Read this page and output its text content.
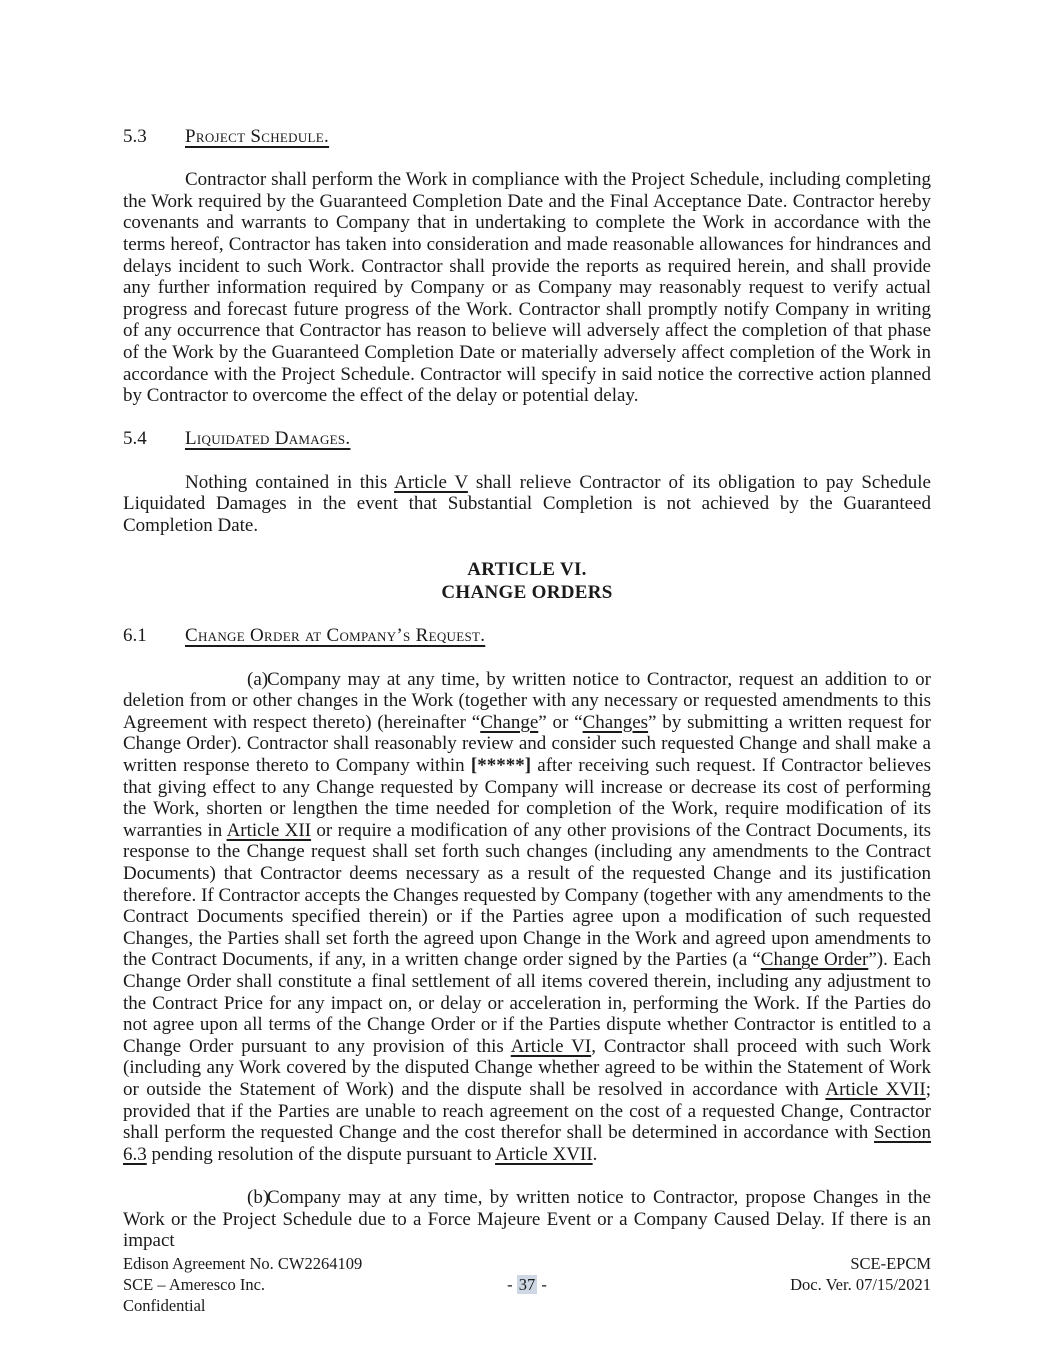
5.3 Project Schedule.

Contractor shall perform the Work in compliance with the Project Schedule, including completing the Work required by the Guaranteed Completion Date and the Final Acceptance Date. Contractor hereby covenants and warrants to Company that in undertaking to complete the Work in accordance with the terms hereof, Contractor has taken into consideration and made reasonable allowances for hindrances and delays incident to such Work. Contractor shall provide the reports as required herein, and shall provide any further information required by Company or as Company may reasonably request to verify actual progress and forecast future progress of the Work. Contractor shall promptly notify Company in writing of any occurrence that Contractor has reason to believe will adversely affect the completion of that phase of the Work by the Guaranteed Completion Date or materially adversely affect completion of the Work in accordance with the Project Schedule. Contractor will specify in said notice the corrective action planned by Contractor to overcome the effect of the delay or potential delay.

5.4 Liquidated Damages.

Nothing contained in this Article V shall relieve Contractor of its obligation to pay Schedule Liquidated Damages in the event that Substantial Completion is not achieved by the Guaranteed Completion Date.

ARTICLE VI.
CHANGE ORDERS
6.1 Change Order at Company’s Request.

(a)Company may at any time, by written notice to Contractor, request an addition to or deletion from or other changes in the Work (together with any necessary or requested amendments to this Agreement with respect thereto) (hereinafter “Change” or “Changes” by submitting a written request for Change Order). Contractor shall reasonably review and consider such requested Change and shall make a written response thereto to Company within [*****] after receiving such request. If Contractor believes that giving effect to any Change requested by Company will increase or decrease its cost of performing the Work, shorten or lengthen the time needed for completion of the Work, require modification of its warranties in Article XII or require a modification of any other provisions of the Contract Documents, its response to the Change request shall set forth such changes (including any amendments to the Contract Documents) that Contractor deems necessary as a result of the requested Change and its justification therefore. If Contractor accepts the Changes requested by Company (together with any amendments to the Contract Documents specified therein) or if the Parties agree upon a modification of such requested Changes, the Parties shall set forth the agreed upon Change in the Work and agreed upon amendments to the Contract Documents, if any, in a written change order signed by the Parties (a “Change Order”). Each Change Order shall constitute a final settlement of all items covered therein, including any adjustment to the Contract Price for any impact on, or delay or acceleration in, performing the Work. If the Parties do not agree upon all terms of the Change Order or if the Parties dispute whether Contractor is entitled to a Change Order pursuant to any provision of this Article VI, Contractor shall proceed with such Work (including any Work covered by the disputed Change whether agreed to be within the Statement of Work or outside the Statement of Work) and the dispute shall be resolved in accordance with Article XVII; provided that if the Parties are unable to reach agreement on the cost of a requested Change, Contractor shall perform the requested Change and the cost therefor shall be determined in accordance with Section 6.3 pending resolution of the dispute pursuant to Article XVII.

(b)Company may at any time, by written notice to Contractor, propose Changes in the Work or the Project Schedule due to a Force Majeure Event or a Company Caused Delay. If there is an impact

Edison Agreement No. CW2264109
SCE – Ameresco Inc.
Confidential
- 37 -
SCE-EPCM
Doc. Ver. 07/15/2021
